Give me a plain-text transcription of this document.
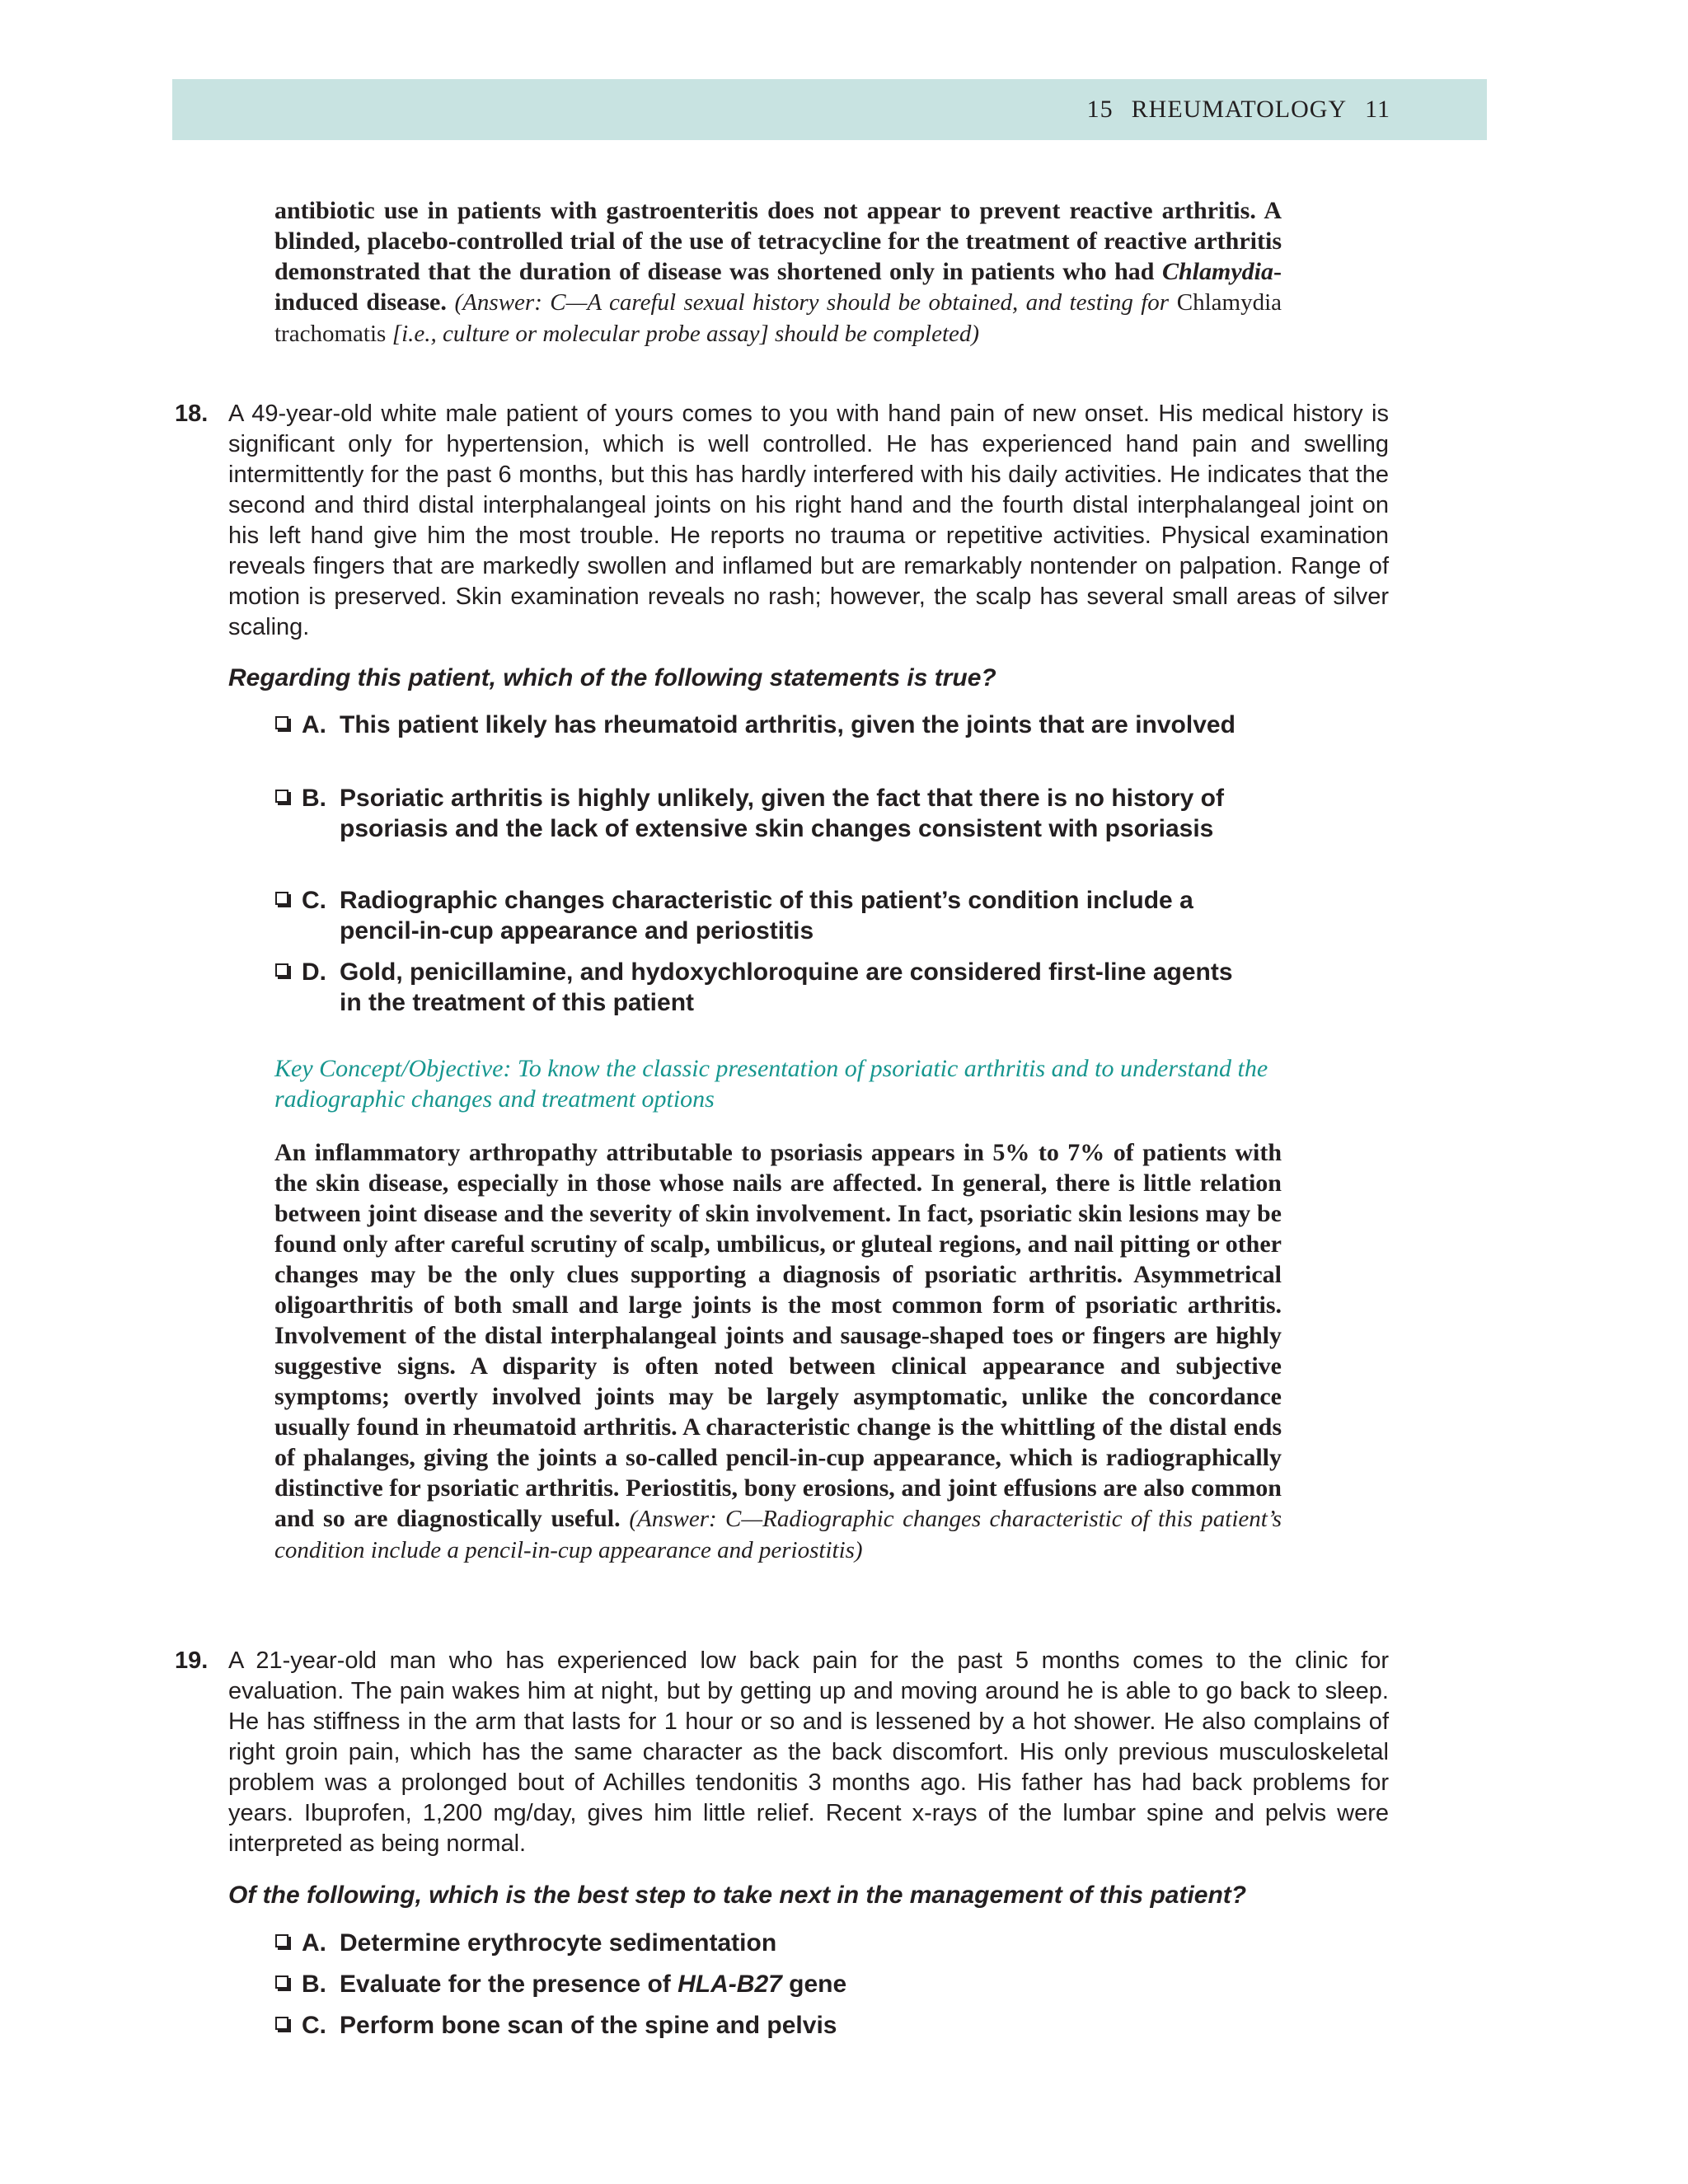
15 RHEUMATOLOGY 11
antibiotic use in patients with gastroenteritis does not appear to prevent reactive arthritis. A blinded, placebo-controlled trial of the use of tetracycline for the treatment of reactive arthritis demonstrated that the duration of disease was shortened only in patients who had Chlamydia-induced disease. (Answer: C—A careful sexual history should be obtained, and testing for Chlamydia trachomatis [i.e., culture or molecular probe assay] should be completed)
18. A 49-year-old white male patient of yours comes to you with hand pain of new onset. His medical history is significant only for hypertension, which is well controlled. He has experienced hand pain and swelling intermittently for the past 6 months, but this has hardly interfered with his daily activities. He indicates that the second and third distal interphalangeal joints on his right hand and the fourth distal interphalangeal joint on his left hand give him the most trouble. He reports no trauma or repetitive activities. Physical examination reveals fingers that are markedly swollen and inflamed but are remarkably nontender on palpation. Range of motion is preserved. Skin examination reveals no rash; however, the scalp has several small areas of silver scaling.
Regarding this patient, which of the following statements is true?
A. This patient likely has rheumatoid arthritis, given the joints that are involved
B. Psoriatic arthritis is highly unlikely, given the fact that there is no history of psoriasis and the lack of extensive skin changes consistent with psoriasis
C. Radiographic changes characteristic of this patient’s condition include a pencil-in-cup appearance and periostitis
D. Gold, penicillamine, and hydoxychloroquine are considered first-line agents in the treatment of this patient
Key Concept/Objective: To know the classic presentation of psoriatic arthritis and to understand the radiographic changes and treatment options
An inflammatory arthropathy attributable to psoriasis appears in 5% to 7% of patients with the skin disease, especially in those whose nails are affected. In general, there is little relation between joint disease and the severity of skin involvement. In fact, psoriatic skin lesions may be found only after careful scrutiny of scalp, umbilicus, or gluteal regions, and nail pitting or other changes may be the only clues supporting a diagnosis of psoriatic arthritis. Asymmetrical oligoarthritis of both small and large joints is the most common form of psoriatic arthritis. Involvement of the distal interphalangeal joints and sausage-shaped toes or fingers are highly suggestive signs. A disparity is often noted between clinical appearance and subjective symptoms; overtly involved joints may be largely asymptomatic, unlike the concordance usually found in rheumatoid arthritis. A characteristic change is the whittling of the distal ends of phalanges, giving the joints a so-called pencil-in-cup appearance, which is radiographically distinctive for psoriatic arthritis. Periostitis, bony erosions, and joint effusions are also common and so are diagnostically useful. (Answer: C—Radiographic changes characteristic of this patient’s condition include a pencil-in-cup appearance and periostitis)
19. A 21-year-old man who has experienced low back pain for the past 5 months comes to the clinic for evaluation. The pain wakes him at night, but by getting up and moving around he is able to go back to sleep. He has stiffness in the arm that lasts for 1 hour or so and is lessened by a hot shower. He also complains of right groin pain, which has the same character as the back discomfort. His only previous musculoskeletal problem was a prolonged bout of Achilles tendonitis 3 months ago. His father has had back problems for years. Ibuprofen, 1,200 mg/day, gives him little relief. Recent x-rays of the lumbar spine and pelvis were interpreted as being normal.
Of the following, which is the best step to take next in the management of this patient?
A. Determine erythrocyte sedimentation
B. Evaluate for the presence of HLA-B27 gene
C. Perform bone scan of the spine and pelvis
